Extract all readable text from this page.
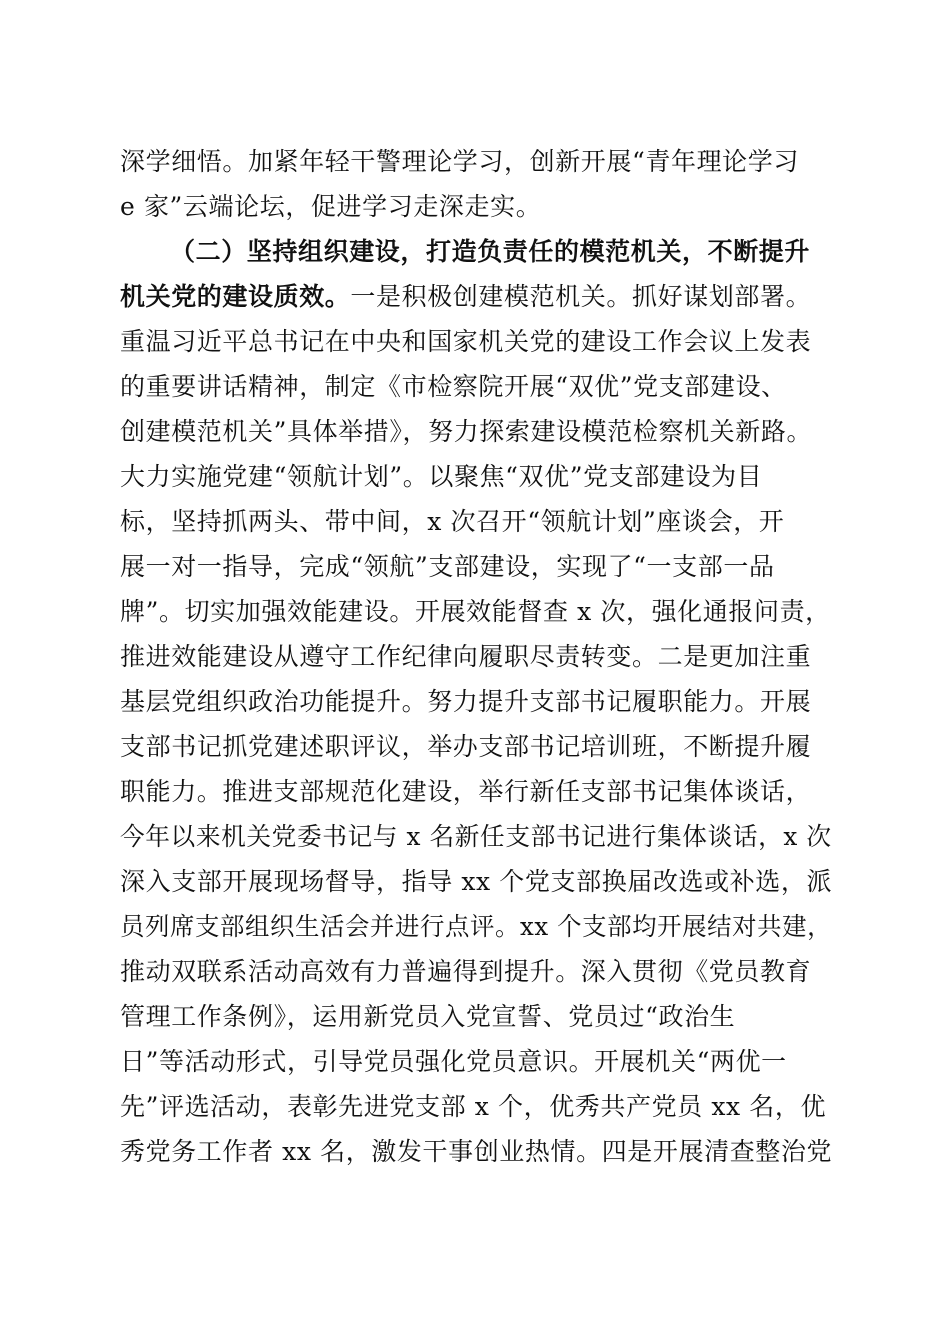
深学细悟。加紧年轻干警理论学习，创新开展“青年理论学习
e 家”云端论坛，促进学习走深走实。
（二）坚持组织建设，打造负责任的模范机关，不断提升
机关党的建设质效。一是积极创建模范机关。抓好谋划部署。
重温习近平总书记在中央和国家机关党的建设工作会议上发表
的重要讲话精神，制定《市检察院开展“双优”党支部建设、
创建模范机关”具体举措》，努力探索建设模范检察机关新路。
大力实施党建“领航计划”。以聚焦“双优”党支部建设为目
标，坚持抓两头、带中间，x 次召开“领航计划”座谈会，开
展一对一指导，完成“领航”支部建设，实现了“一支部一品
牌”。切实加强效能建设。开展效能督查 x 次，强化通报问责，
推进效能建设从遵守工作纪律向履职尽责转变。二是更加注重
基层党组织政治功能提升。努力提升支部书记履职能力。开展
支部书记抓党建述职评议，举办支部书记培训班，不断提升履
职能力。推进支部规范化建设，举行新任支部书记集体谈话，
今年以来机关党委书记与 x 名新任支部书记进行集体谈话，x 次
深入支部开展现场督导，指导 xx 个党支部换届改选或补选，派
员列席支部组织生活会并进行点评。xx 个支部均开展结对共建，
推动双联系活动高效有力普遍得到提升。深入贯彻《党员教育
管理工作条例》，运用新党员入党宣誓、党员过“政治生
日”等活动形式，引导党员强化党员意识。开展机关“两优一
先”评选活动，表彰先进党支部 x 个，优秀共产党员 xx 名，优
秀党务工作者 xx 名，激发干事创业热情。四是开展清查整治党
